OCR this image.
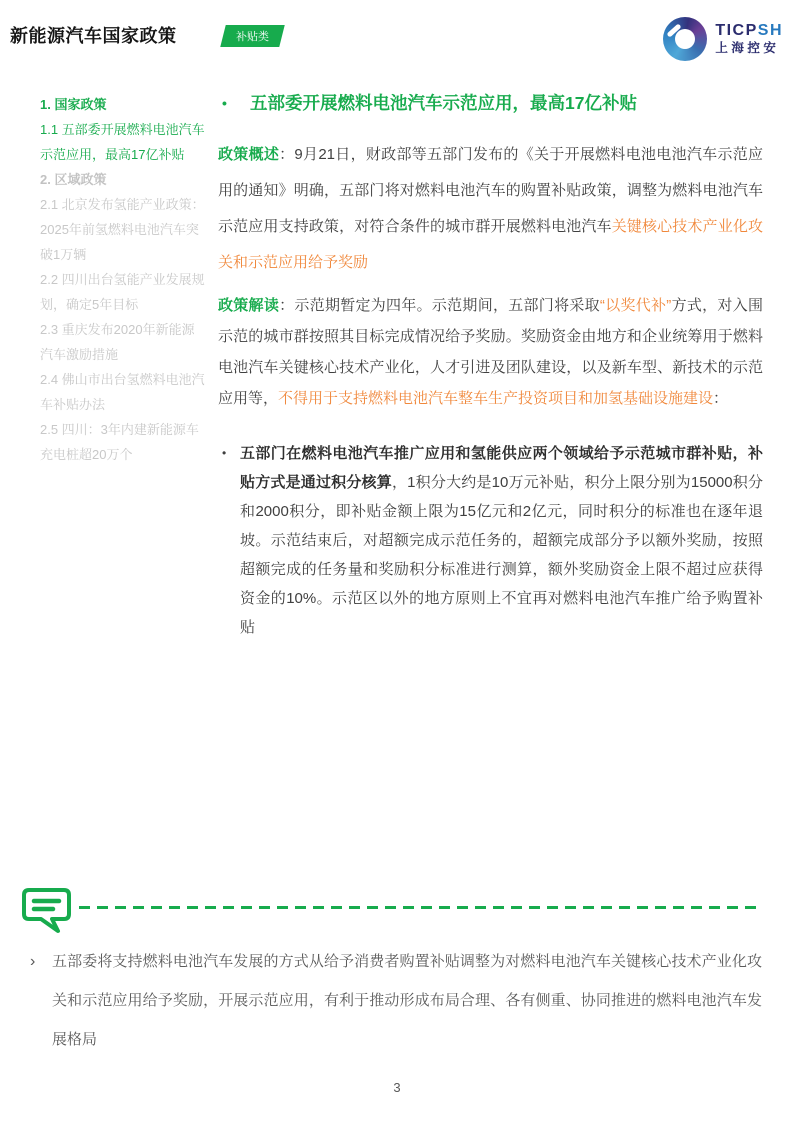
新能源汽车国家政策	补贴类	TICPSH
上海控安
1. 国家政策
1.1 五部委开展燃料电池汽车示范应用，最高17亿补贴
2. 区域政策
2.1 北京发布氢能产业政策：2025年前氢燃料电池汽车突破1万辆
2.2 四川出台氢能产业发展规划，确定5年目标
2.3 重庆发布2020年新能源汽车激励措施
2.4 佛山市出台氢燃料电池汽车补贴办法
2.5 四川：3年内建新能源车充电桩超20万个
•	五部委开展燃料电池汽车示范应用，最高17亿补贴

政策概述：9月21日，财政部等五部门发布的《关于开展燃料电池电池汽车示范应用的通知》明确，五部门将对燃料电池汽车的购置补贴政策，调整为燃料电池汽车示范应用支持政策，对符合条件的城市群开展燃料电池汽车关键核心技术产业化攻关和示范应用给予奖励

政策解读：示范期暂定为四年。示范期间，五部门将采取“以奖代补”方式，对入围示范的城市群按照其目标完成情况给予奖励。奖励资金由地方和企业统筹用于燃料电池汽车关键核心技术产业化，人才引进及团队建设，以及新车型、新技术的示范应用等，不得用于支持燃料电池汽车整车生产投资项目和加氢基础设施建设：

• 五部门在燃料电池汽车推广应用和氢能供应两个领域给予示范城市群补贴，补贴方式是通过积分核算，1积分大约是10万元补贴，积分上限分别为15000积分和2000积分，即补贴金额上限为15亿元和2亿元，同时积分的标准也在逐年退坡。示范结束后，对超额完成示范任务的，超额完成部分予以额外奖励，按照超额完成的任务量和奖励积分标准进行测算，额外奖励资金上限不超过应获得资金的10%。示范区以外的地方原则上不宜再对燃料电池汽车推广给予购置补贴

› 五部委将支持燃料电池汽车发展的方式从给予消费者购置补贴调整为对燃料电池汽车关键核心技术产业化攻关和示范应用给予奖励，开展示范应用，有利于推动形成布局合理、各有侧重、协同推进的燃料电池汽车发展格局
3
